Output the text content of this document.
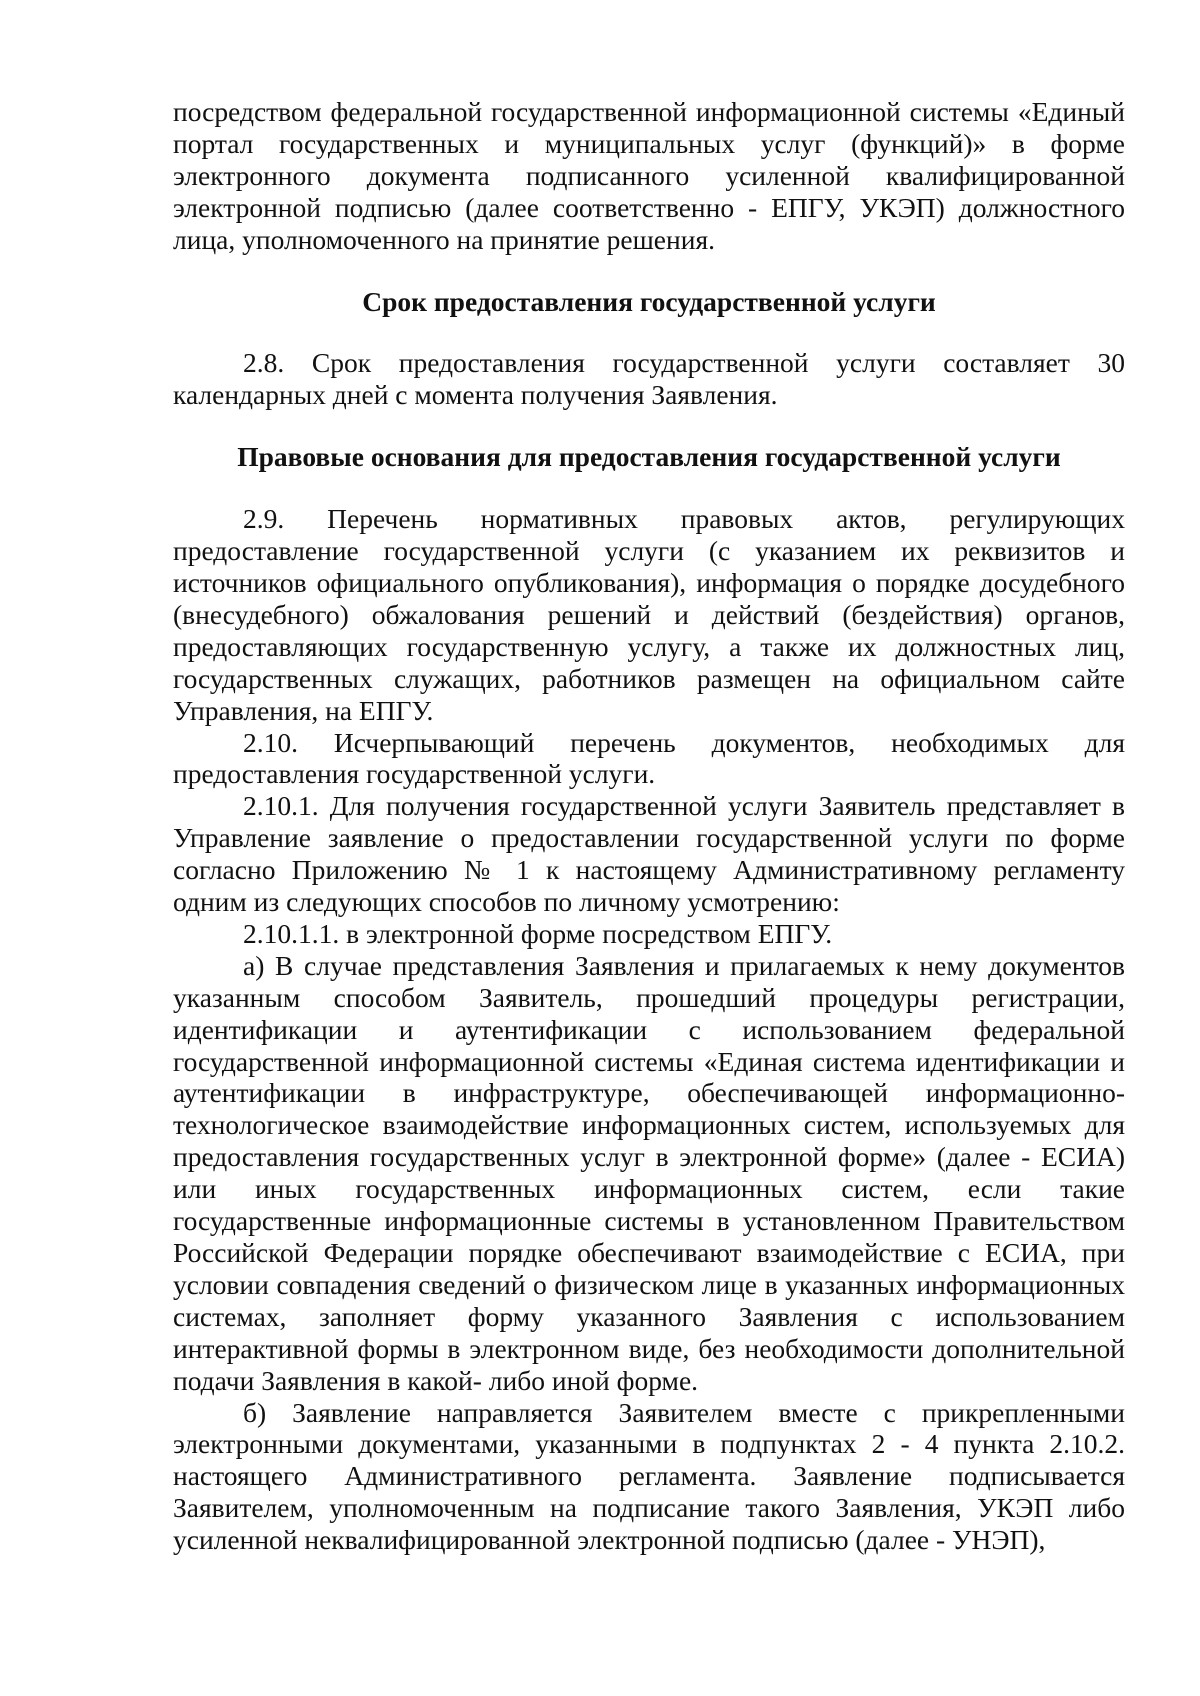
посредством федеральной государственной информационной системы «Единый портал государственных и муниципальных услуг (функций)» в форме электронного документа подписанного усиленной квалифицированной электронной подписью (далее соответственно - ЕПГУ, УКЭП) должностного лица, уполномоченного на принятие решения.

Срок предоставления государственной услуги

2.8. Срок предоставления государственной услуги составляет 30 календарных дней с момента получения Заявления.

Правовые основания для предоставления государственной услуги

2.9. Перечень нормативных правовых актов, регулирующих предоставление государственной услуги (с указанием их реквизитов и источников официального опубликования), информация о порядке досудебного (внесудебного) обжалования решений и действий (бездействия) органов, предоставляющих государственную услугу, а также их должностных лиц, государственных служащих, работников размещен на официальном сайте Управления, на ЕПГУ.

2.10. Исчерпывающий перечень документов, необходимых для предоставления государственной услуги.

2.10.1. Для получения государственной услуги Заявитель представляет в Управление заявление о предоставлении государственной услуги по форме согласно Приложению № 1 к настоящему Административному регламенту одним из следующих способов по личному усмотрению:

2.10.1.1. в электронной форме посредством ЕПГУ.

а) В случае представления Заявления и прилагаемых к нему документов указанным способом Заявитель, прошедший процедуры регистрации, идентификации и аутентификации с использованием федеральной государственной информационной системы «Единая система идентификации и аутентификации в инфраструктуре, обеспечивающей информационно-технологическое взаимодействие информационных систем, используемых для предоставления государственных услуг в электронной форме» (далее - ЕСИА) или иных государственных информационных систем, если такие государственные информационные системы в установленном Правительством Российской Федерации порядке обеспечивают взаимодействие с ЕСИА, при условии совпадения сведений о физическом лице в указанных информационных системах, заполняет форму указанного Заявления с использованием интерактивной формы в электронном виде, без необходимости дополнительной подачи Заявления в какой- либо иной форме.

б) Заявление направляется Заявителем вместе с прикрепленными электронными документами, указанными в подпунктах 2 - 4 пункта 2.10.2. настоящего Административного регламента. Заявление подписывается Заявителем, уполномоченным на подписание такого Заявления, УКЭП либо усиленной неквалифицированной электронной подписью (далее - УНЭП),
